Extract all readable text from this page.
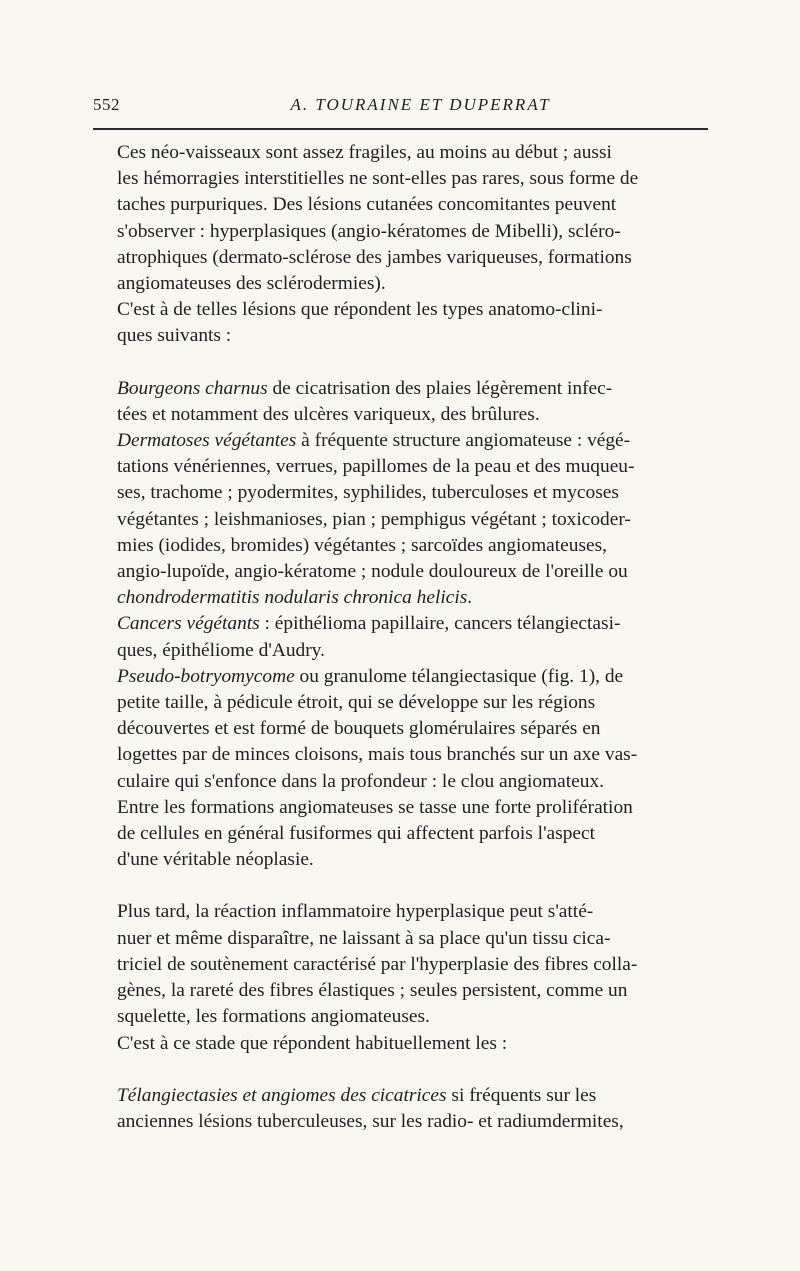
552	A. TOURAINE ET DUPERRAT

Ces néo-vaisseaux sont assez fragiles, au moins au début ; aussi
les hémorragies interstitielles ne sont-elles pas rares, sous forme de
taches purpuriques. Des lésions cutanées concomitantes peuvent
s'observer : hyperplasiques (angio-kératomes de Mibelli), scléro-
atrophiques (dermato-sclérose des jambes variqueuses, formations
angiomateuses des sclérodermies).

C'est à de telles lésions que répondent les types anatomo-clini-
ques suivants :

Bourgeons charnus de cicatrisation des plaies légèrement infec-
tées et notamment des ulcères variqueux, des brûlures.

Dermatoses végétantes à fréquente structure angiomateuse : végé-
tations vénériennes, verrues, papillomes de la peau et des muqueu-
ses, trachome ; pyodermites, syphilides, tuberculoses et mycoses
végétantes ; leishmanioses, pian ; pemphigus végétant ; toxicoder-
mies (iodides, bromides) végétantes ; sarcoïdes angiomateuses,
angio-lupoïde, angio-kératome ; nodule douloureux de l'oreille ou
chondrodermatitis nodularis chronica helicis.

Cancers végétants : épithélioma papillaire, cancers télangiectasi-
ques, épithéliome d'Audry.

Pseudo-botryomycome ou granulome télangiectasique (fig. 1), de
petite taille, à pédicule étroit, qui se développe sur les régions
découvertes et est formé de bouquets glomérulaires séparés en
logettes par de minces cloisons, mais tous branchés sur un axe vas-
culaire qui s'enfonce dans la profondeur : le clou angiomateux.
Entre les formations angiomateuses se tasse une forte prolifération
de cellules en général fusiformes qui affectent parfois l'aspect
d'une véritable néoplasie.

Plus tard, la réaction inflammatoire hyperplasique peut s'atté-
nuer et même disparaître, ne laissant à sa place qu'un tissu cica-
triciel de soutènement caractérisé par l'hyperplasie des fibres colla-
gènes, la rareté des fibres élastiques ; seules persistent, comme un
squelette, les formations angiomateuses.

C'est à ce stade que répondent habituellement les :

Télangiectasies et angiomes des cicatrices si fréquents sur les
anciennes lésions tuberculeuses, sur les radio- et radiumdermites,
